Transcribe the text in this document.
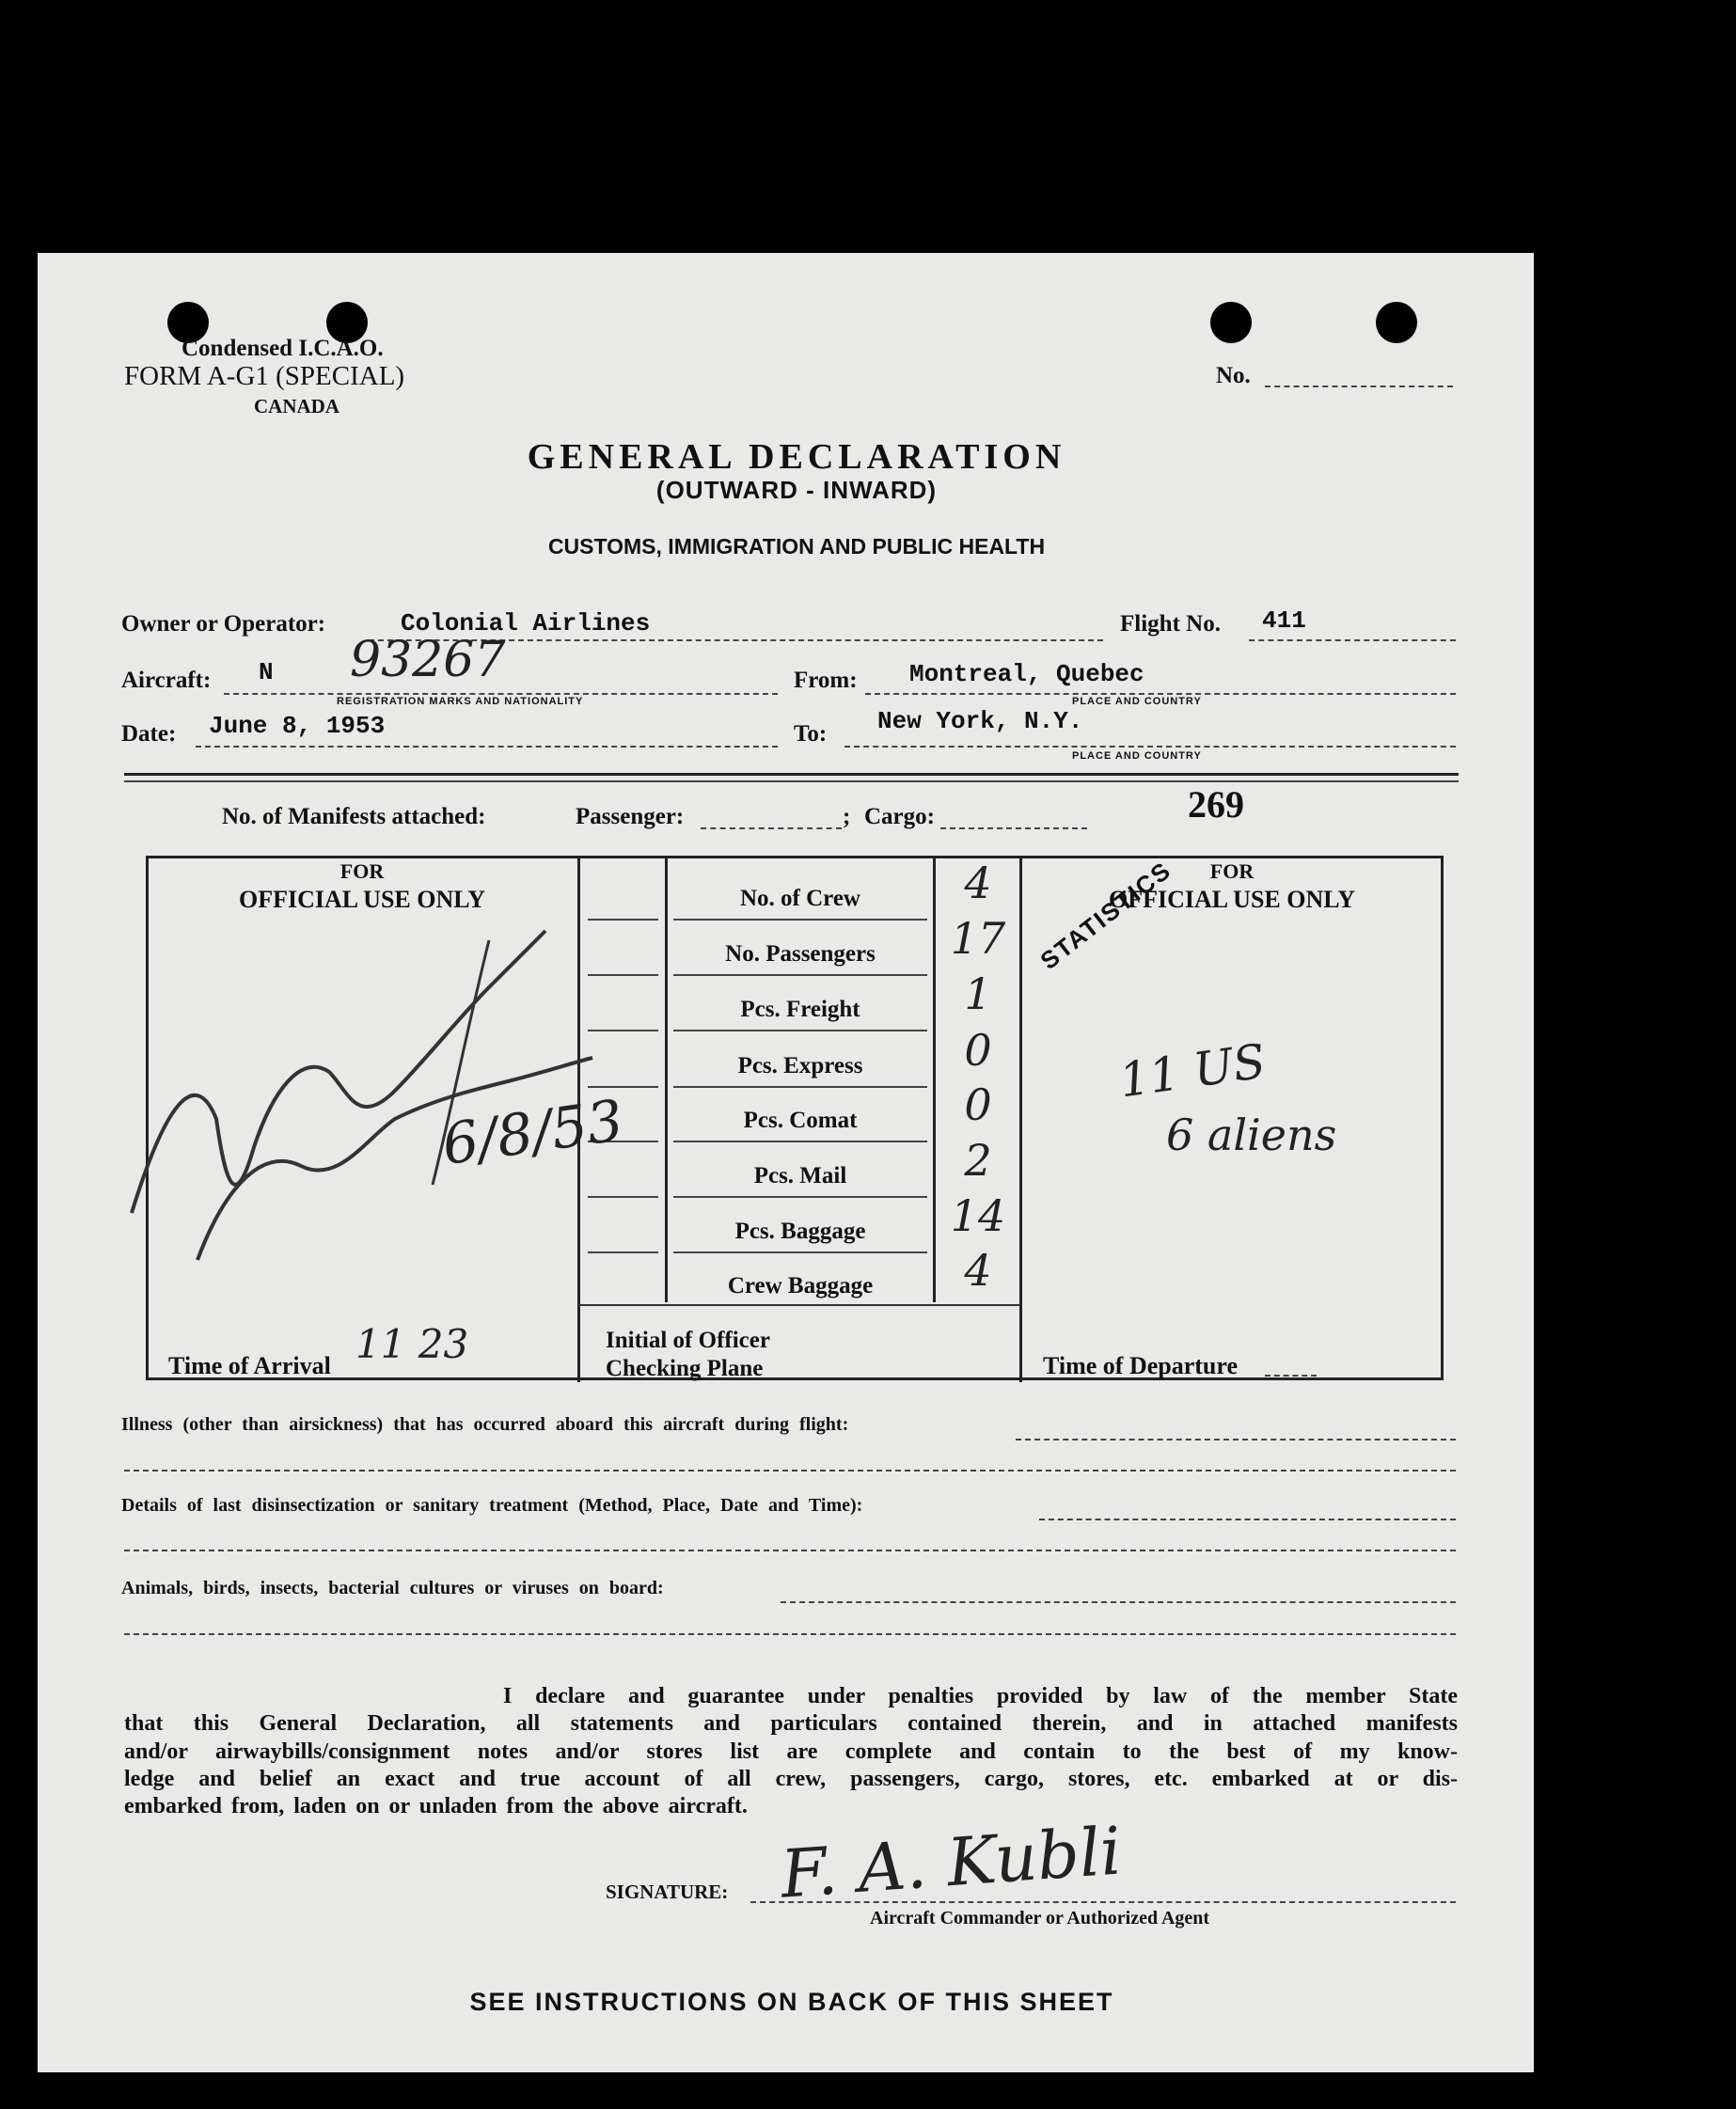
Condensed I.C.A.O.
FORM A-G1 (SPECIAL)
CANADA
No.
GENERAL DECLARATION
(OUTWARD - INWARD)
CUSTOMS, IMMIGRATION AND PUBLIC HEALTH
Owner or Operator:	Colonial Airlines	Flight No. 411
Aircraft: N 93267
REGISTRATION MARKS AND NATIONALITY
From: Montreal, Quebec
PLACE AND COUNTRY
Date: June 8, 1953	To: New York, N.Y.
PLACE AND COUNTRY
No. of Manifests attached:	Passenger:	; Cargo:	269
FOR
OFFICIAL USE ONLY
FOR
OFFICIAL USE ONLY
No. of Crew	4
No. Passengers	17
Pcs. Freight	1
Pcs. Express	0
Pcs. Comat	0
Pcs. Mail	2
Pcs. Baggage	14
Crew Baggage	4
STATISTICS
11 US
6 aliens
6/8/53
Time of Arrival 11 23	Initial of Officer
Checking Plane	Time of Departure
Illness (other than airsickness) that has occurred aboard this aircraft during flight:
Details of last disinsectization or sanitary treatment (Method, Place, Date and Time):
Animals, birds, insects, bacterial cultures or viruses on board:
I declare and guarantee under penalties provided by law of the member State
that this General Declaration, all statements and particulars contained therein, and in attached manifests
and/or airwaybills/consignment notes and/or stores list are complete and contain to the best of my know-
ledge and belief an exact and true account of all crew, passengers, cargo, stores, etc. embarked at or dis-
embarked from, laden on or unladen from the above aircraft.
SIGNATURE: F. A. Kubli
Aircraft Commander or Authorized Agent
SEE INSTRUCTIONS ON BACK OF THIS SHEET
